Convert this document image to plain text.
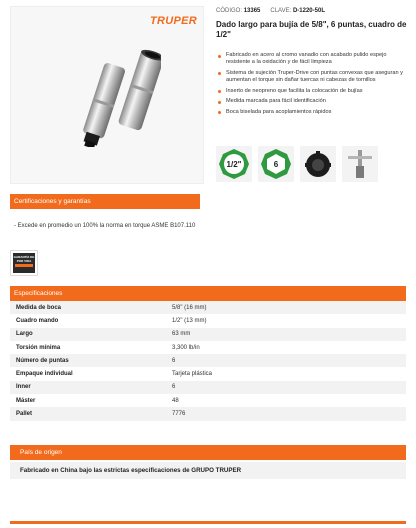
TRUPER
CÓDIGO: 13365 CLAVE: D-1220-50L
Dado largo para bujía de 5/8", 6 puntas, cuadro de 1/2"
Fabricado en acero al cromo vanadio con acabado pulido espejo resistente a la oxidación y de fácil limpieza
Sistema de sujeción Truper-Drive con puntas convexas que aseguran y aumentan el torque sin dañar tuercas ni cabezas de tornillos
Inserto de neopreno que facilita la colocación de bujías
Medida marcada para fácil identificación
Boca biselada para acoplamientos rápidos
1/2"	6
Certificaciones y garantías
- Excede en promedio un 100% la norma en torque ASME B107.110
GARANTÍA DE POR VIDA
Especificaciones
Medida de boca	5/8" (16 mm)
Cuadro mando	1/2" (13 mm)
Largo	63 mm
Torsión mínima	3,300 lb/in
Número de puntas	6
Empaque individual	Tarjeta plástica
Inner	6
Máster	48
Pallet	7776
País de origen
Fabricado en China bajo las estrictas especificaciones de GRUPO TRUPER
